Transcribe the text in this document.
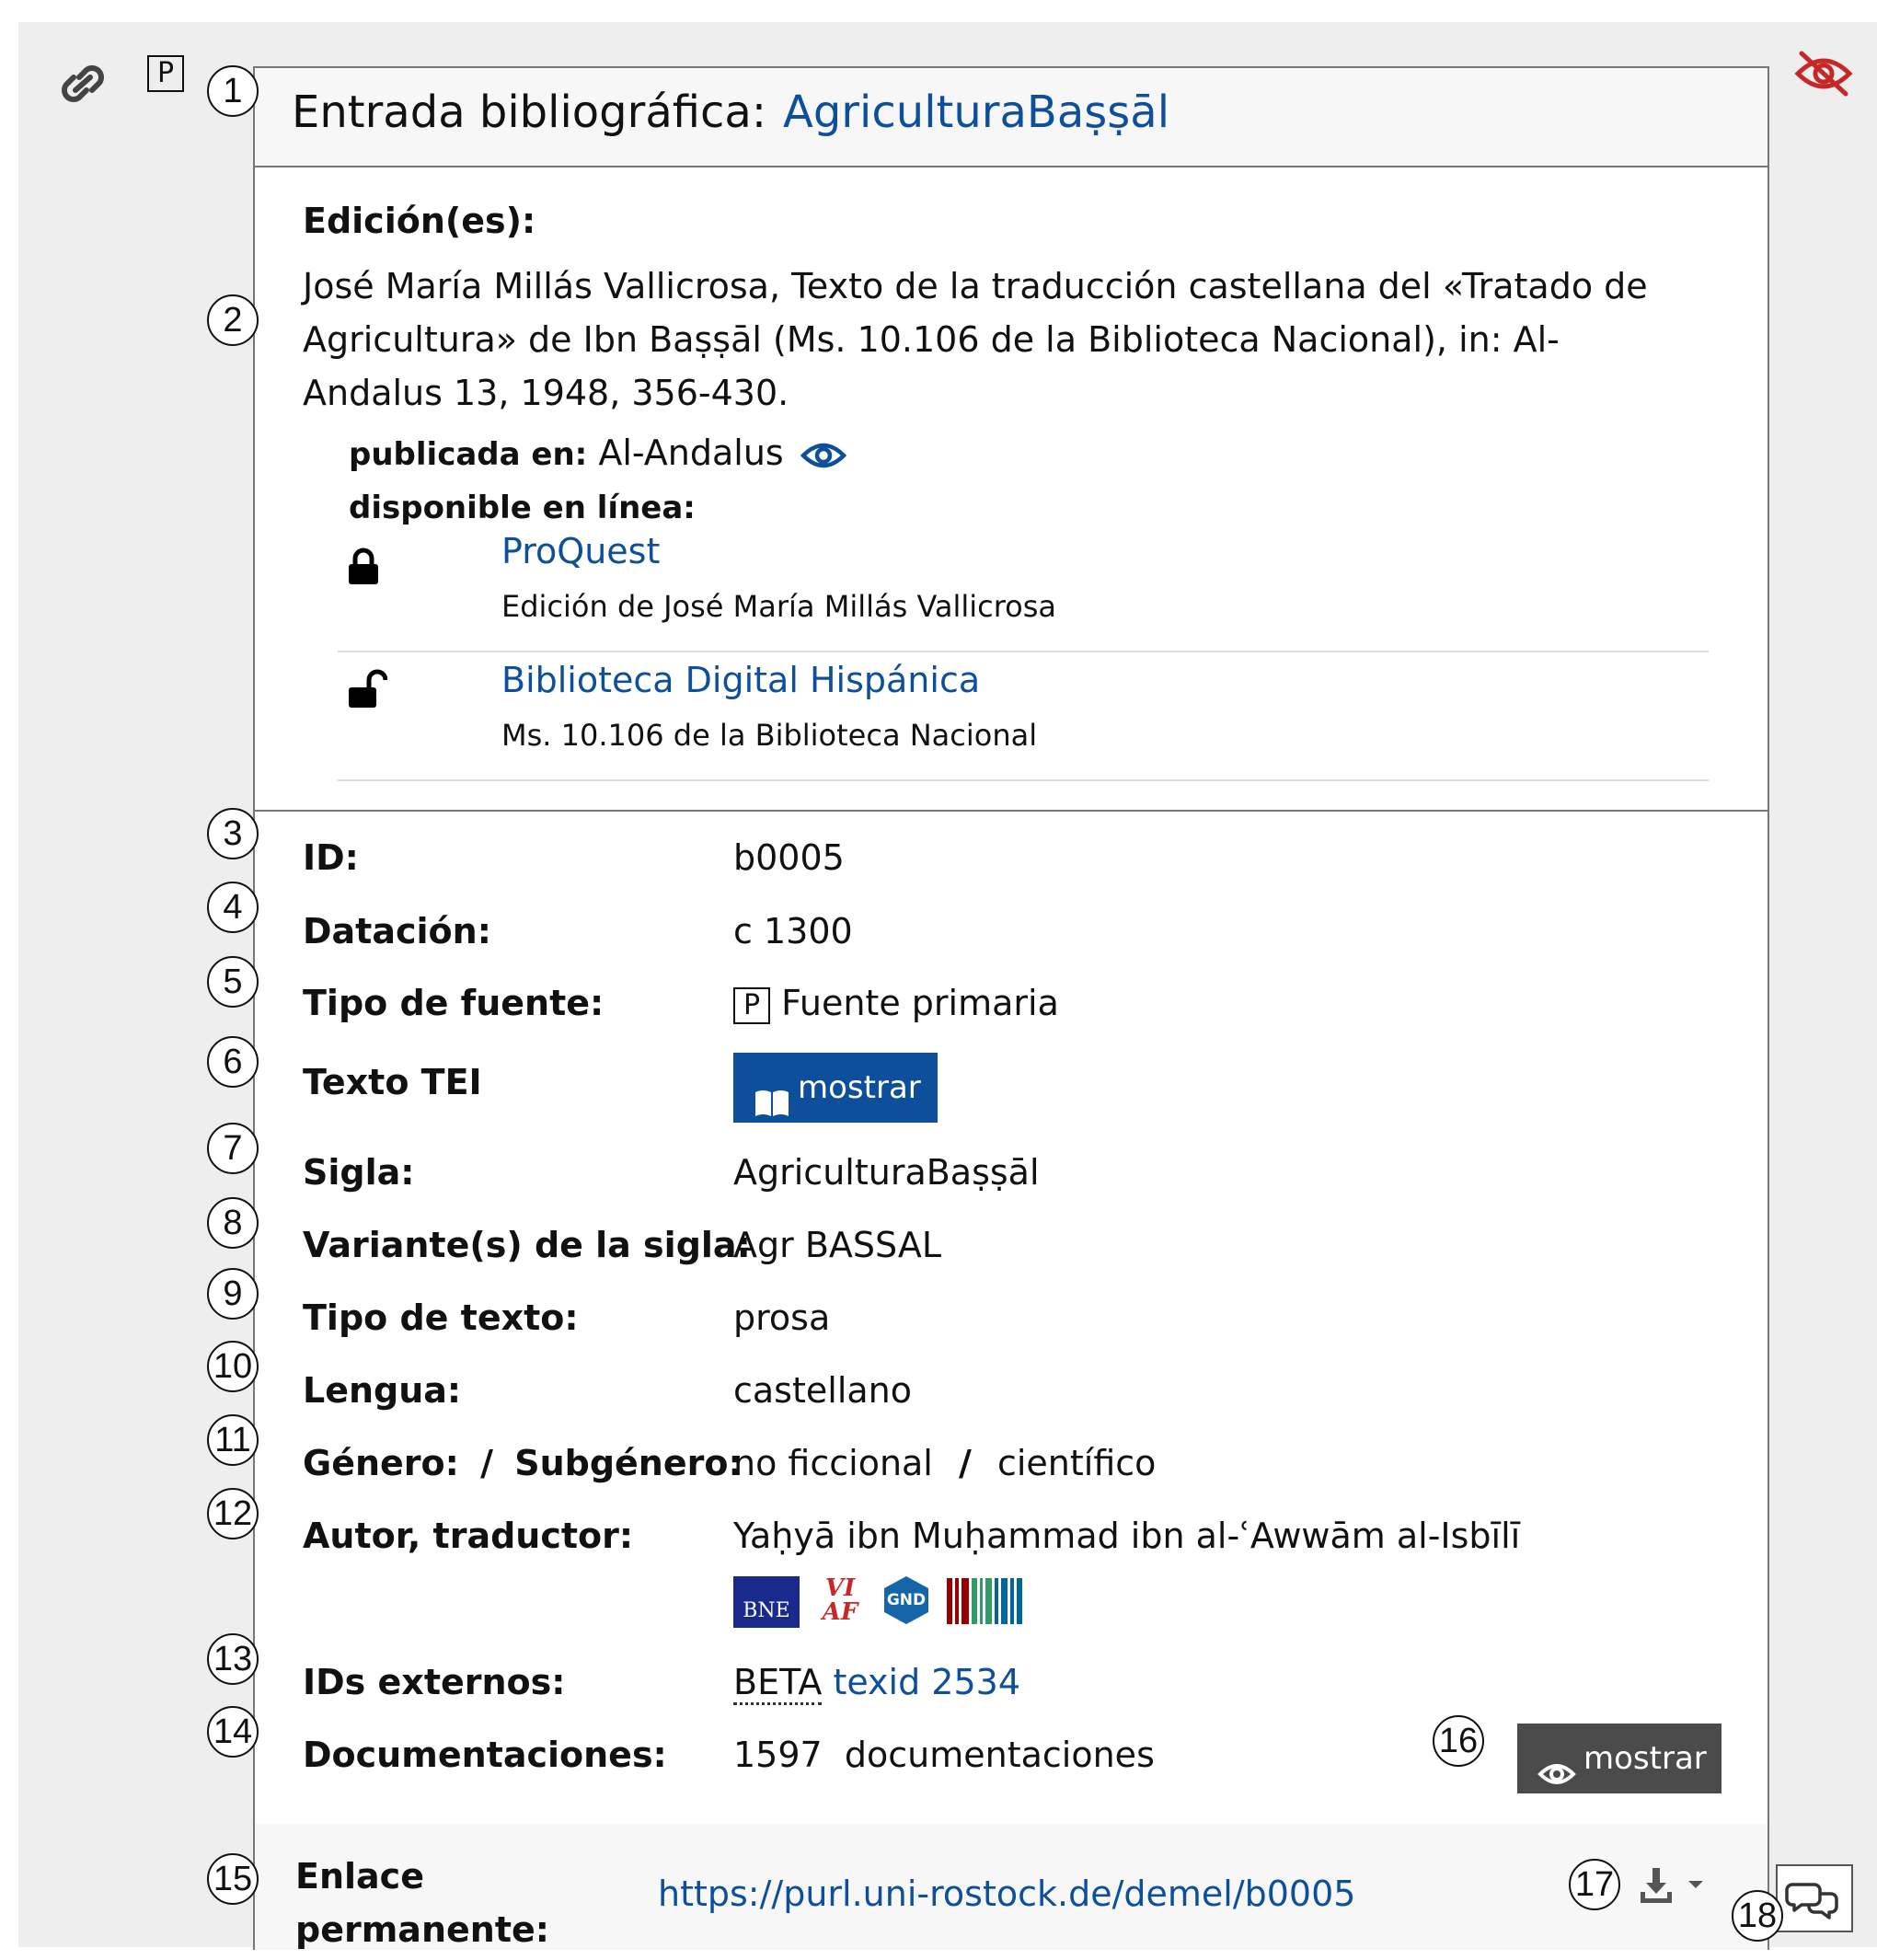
P
Entrada bibliográfica: AgriculturaBaṣṣāl
Edición(es):
José María Millás Vallicrosa, Texto de la traducción castellana del «Tratado de Agricultura» de Ibn Baṣṣāl (Ms. 10.106 de la Biblioteca Nacional), in: Al-Andalus 13, 1948, 356-430.
publicada en: Al-Andalus
disponible en línea:
ProQuest
Edición de José María Millás Vallicrosa
Biblioteca Digital Hispánica
Ms. 10.106 de la Biblioteca Nacional
ID:	b0005
Datación:	c 1300
Tipo de fuente:	P Fuente primaria
Texto TEI	mostrar
Sigla:	AgriculturaBaṣṣāl
Variante(s) de la sigla:
Agr BASSAL
Tipo de texto:	prosa
Lengua:	castellano
Género: / Subgénero:
no ficcional / científico
Autor, traductor:	Yaḥyā ibn Muḥammad ibn al-ʿAwwām al-Isbīlī
BNE
VI
AF	GND
IDs externos:	BETA texid 2534
Documentaciones: 1597 documentaciones	mostrar
Enlace
permanente:
https://purl.uni-rostock.de/demel/b0005
1
2
3
4
5
6
7
8
9
10
11
12
13
14
15
16
17
18
